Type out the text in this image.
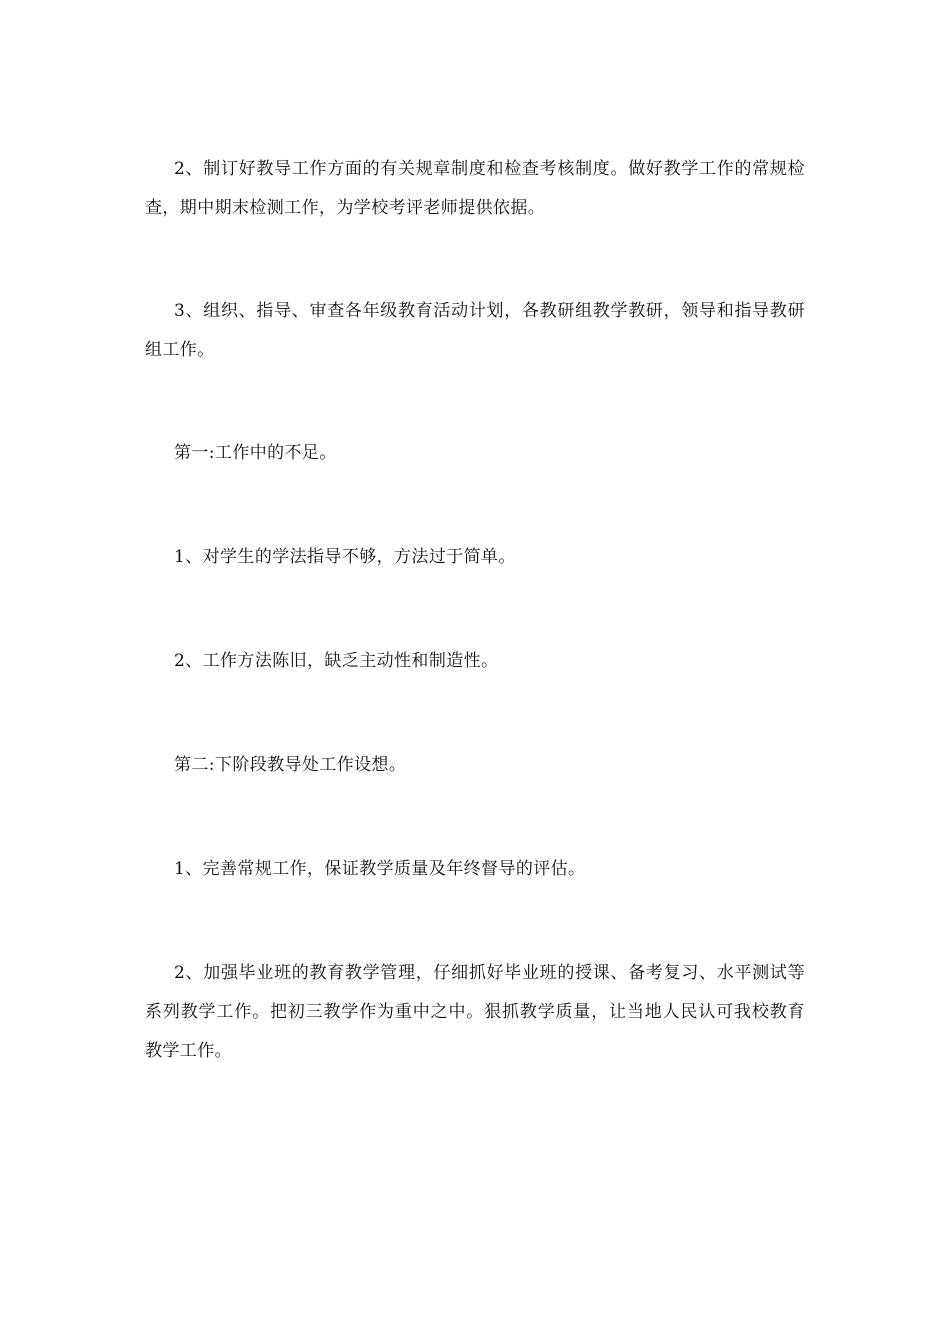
2、制订好教导工作方面的有关规章制度和检查考核制度。做好教学工作的常规检查，期中期末检测工作，为学校考评老师提供依据。

3、组织、指导、审查各年级教育活动计划，各教研组教学教研，领导和指导教研组工作。

第一:工作中的不足。

1、对学生的学法指导不够，方法过于简单。

2、工作方法陈旧，缺乏主动性和制造性。

第二:下阶段教导处工作设想。

1、完善常规工作，保证教学质量及年终督导的评估。

2、加强毕业班的教育教学管理，仔细抓好毕业班的授课、备考复习、水平测试等系列教学工作。把初三教学作为重中之中。狠抓教学质量，让当地人民认可我校教育教学工作。
